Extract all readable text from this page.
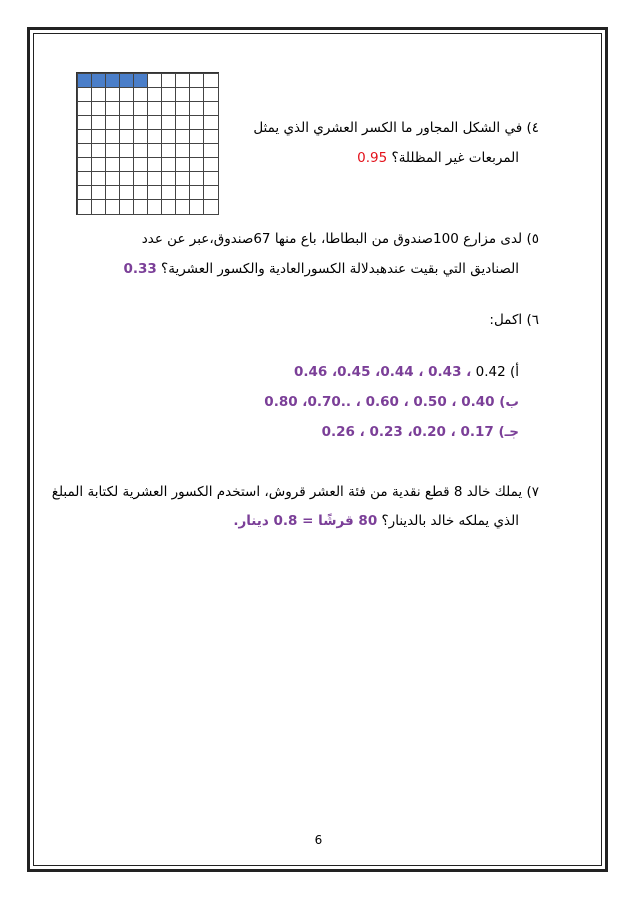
٤) في الشكل المجاور ما الكسر العشري الذي يمثل
المربعات غير المظللة؟ 0.95
٥) لدى مزارع 100صندوق من البطاطا، باع منها 67صندوق،عبر عن عدد
الصناديق التي بقيت عندهبدلالة الكسورالعادية والكسور العشرية؟ 0.33
٦) اكمل:
أ) 0.42 ، 0.43 ، 0.44، 0.45، 0.46
ب) 0.40 ، 0.50 ، 0.60 ، ..0.70، 0.80
جـ) 0.17 ، 0.20، 0.23 ، 0.26
٧) يملك خالد 8 قطع نقدية من فئة العشر قروش، استخدم الكسور العشرية لكتابة المبلغ
الذي يملكه خالد بالدينار؟ 80 قرشًا = 0.8 دينار.
6
